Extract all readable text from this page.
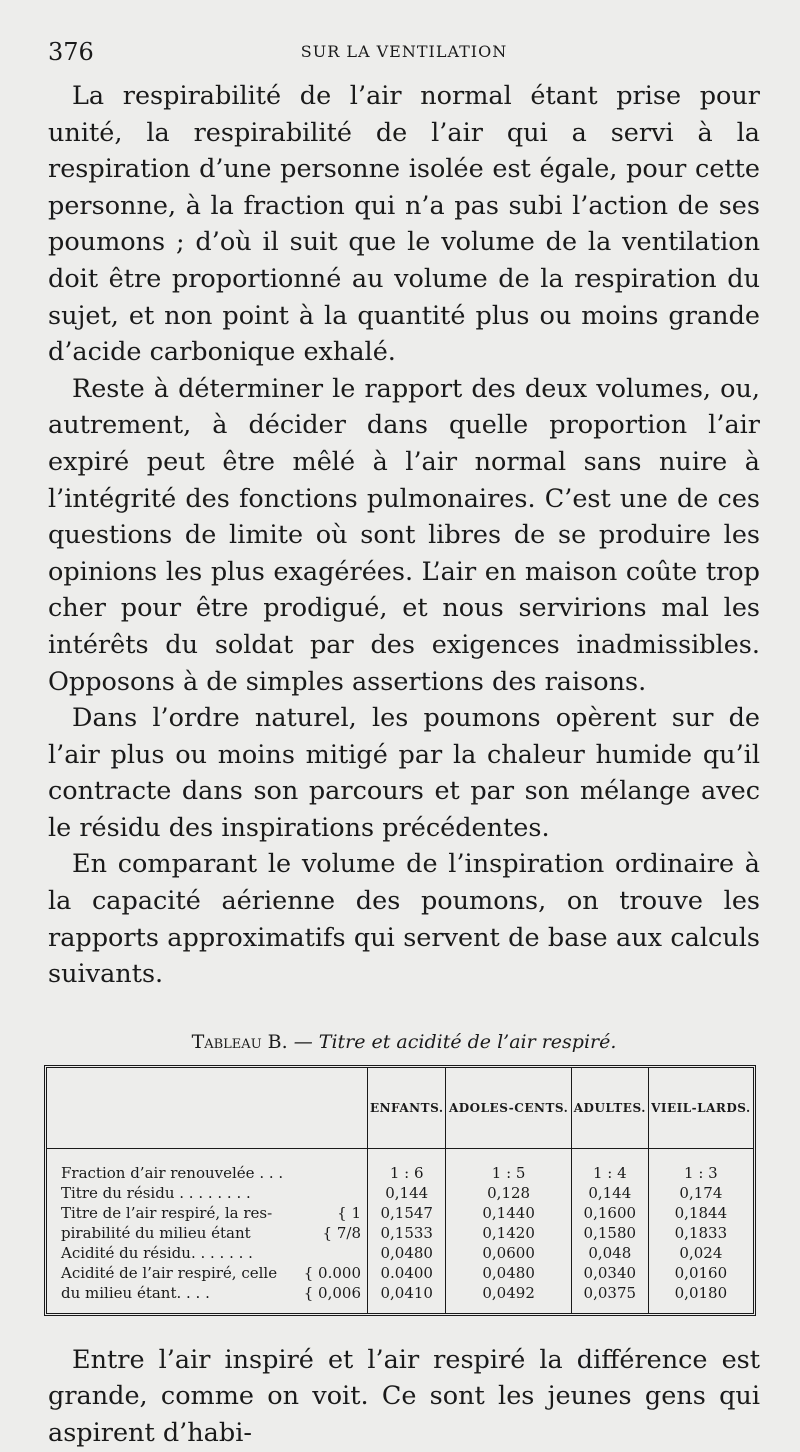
376	SUR LA VENTILATION

La respirabilité de l’air normal étant prise pour unité, la respirabilité de l’air qui a servi à la respiration d’une personne isolée est égale, pour cette personne, à la fraction qui n’a pas subi l’action de ses poumons ; d’où il suit que le volume de la ventilation doit être proportionné au volume de la respiration du sujet, et non point à la quantité plus ou moins grande d’acide carbonique exhalé.

Reste à déterminer le rapport des deux volumes, ou, autrement, à décider dans quelle proportion l’air expiré peut être mêlé à l’air normal sans nuire à l’intégrité des fonctions pulmonaires. C’est une de ces questions de limite où sont libres de se produire les opinions les plus exagérées. L’air en maison coûte trop cher pour être prodigué, et nous servirions mal les intérêts du soldat par des exigences inadmissibles. Opposons à de simples assertions des raisons.

Dans l’ordre naturel, les poumons opèrent sur de l’air plus ou moins mitigé par la chaleur humide qu’il contracte dans son parcours et par son mélange avec le résidu des inspirations précédentes.

En comparant le volume de l’inspiration ordinaire à la capacité aérienne des poumons, on trouve les rapports approximatifs qui servent de base aux calculs suivants.

Tableau B. — Titre et acidité de l’air respiré.
	ENFANTS.	ADOLES-CENTS.	ADULTES.	VIEIL-LARDS.
Fraction d’air renouvelée . . .	1 : 6	1 : 5	1 : 4	1 : 3
Titre du résidu . . . . . . . .	0,144	0,128	0,144	0,174
Titre de l’air respiré, la res- { 1	0,1547	0,1440	0,1600	0,1844
pirabilité du milieu étant { 7/8	0,1533	0,1420	0,1580	0,1833
Acidité du résidu. . . . . . .	0,0480	0,0600	0,048	0,024
Acidité de l’air respiré, celle { 0.000	0.0400	0,0480	0,0340	0,0160
du milieu étant. . . . { 0,006	0,0410	0,0492	0,0375	0,0180

Entre l’air inspiré et l’air respiré la différence est grande, comme on voit. Ce sont les jeunes gens qui aspirent d’habi-
